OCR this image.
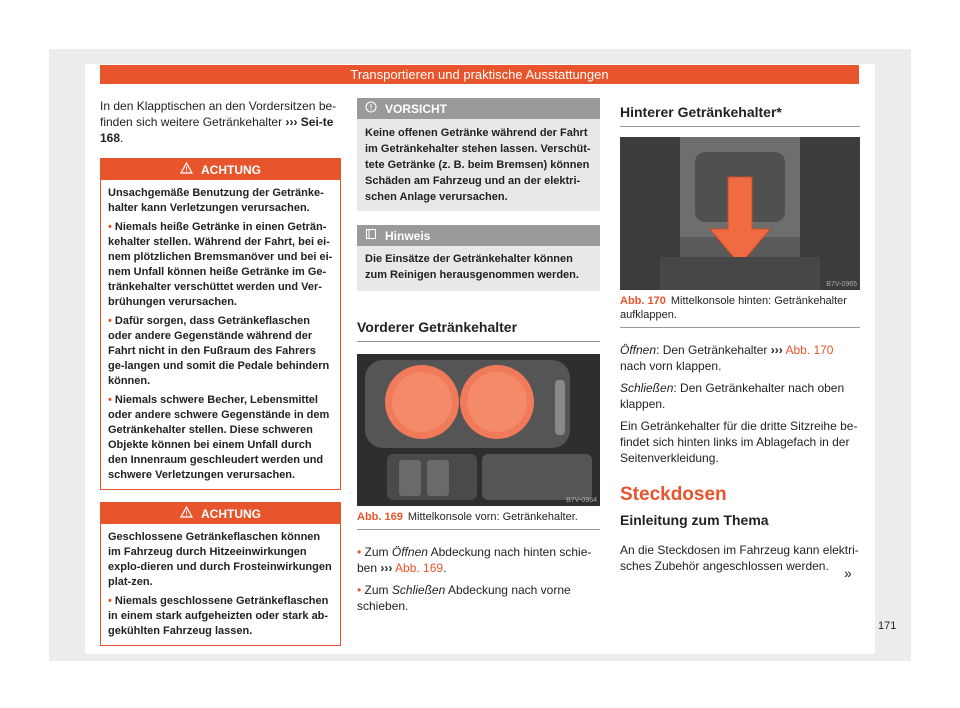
Transportieren und praktische Ausstattungen

In den Klapptischen an den Vordersitzen be-finden sich weitere Getränkehalter ››› Sei-te 168.

ACHTUNG
Unsachgemäße Benutzung der Getränke-halter kann Verletzungen verursachen.
• Niemals heiße Getränke in einen Geträn-kehalter stellen. Während der Fahrt, bei ei-nem plötzlichen Bremsmanöver und bei ei-nem Unfall können heiße Getränke im Ge-tränkehalter verschüttet werden und Ver-brühungen verursachen.
• Dafür sorgen, dass Getränkeflaschen oder andere Gegenstände während der Fahrt nicht in den Fußraum des Fahrers ge-langen und somit die Pedale behindern können.
• Niemals schwere Becher, Lebensmittel oder andere schwere Gegenstände in dem Getränkehalter stellen. Diese schweren Objekte können bei einem Unfall durch den Innenraum geschleudert werden und schwere Verletzungen verursachen.
ACHTUNG
Geschlossene Getränkeflaschen können im Fahrzeug durch Hitzeeinwirkungen explo-dieren und durch Frosteinwirkungen plat-zen.
• Niemals geschlossene Getränkeflaschen in einem stark aufgeheizten oder stark ab-gekühlten Fahrzeug lassen.
VORSICHT
Keine offenen Getränke während der Fahrt im Getränkehalter stehen lassen. Verschüt-tete Getränke (z. B. beim Bremsen) können Schäden am Fahrzeug und an der elektri-schen Anlage verursachen.
Hinweis
Die Einsätze der Getränkehalter können zum Reinigen herausgenommen werden.
Vorderer Getränkehalter
B7V-0964
Abb. 169 Mittelkonsole vorn: Getränkehalter.

• Zum Öffnen Abdeckung nach hinten schie-ben ››› Abb. 169.

• Zum Schließen Abdeckung nach vorne schieben.

Hinterer Getränkehalter*
B7V-0965
Abb. 170 Mittelkonsole hinten: Getränkehalter aufklappen.

Öffnen: Den Getränkehalter ››› Abb. 170
nach vorn klappen.

Schließen: Den Getränkehalter nach oben klappen.

Ein Getränkehalter für die dritte Sitzreihe be-findet sich hinten links im Ablagefach in der Seitenverkleidung.

Steckdosen
Einleitung zum Thema

An die Steckdosen im Fahrzeug kann elektri-sches Zubehör angeschlossen werden.	»
171
